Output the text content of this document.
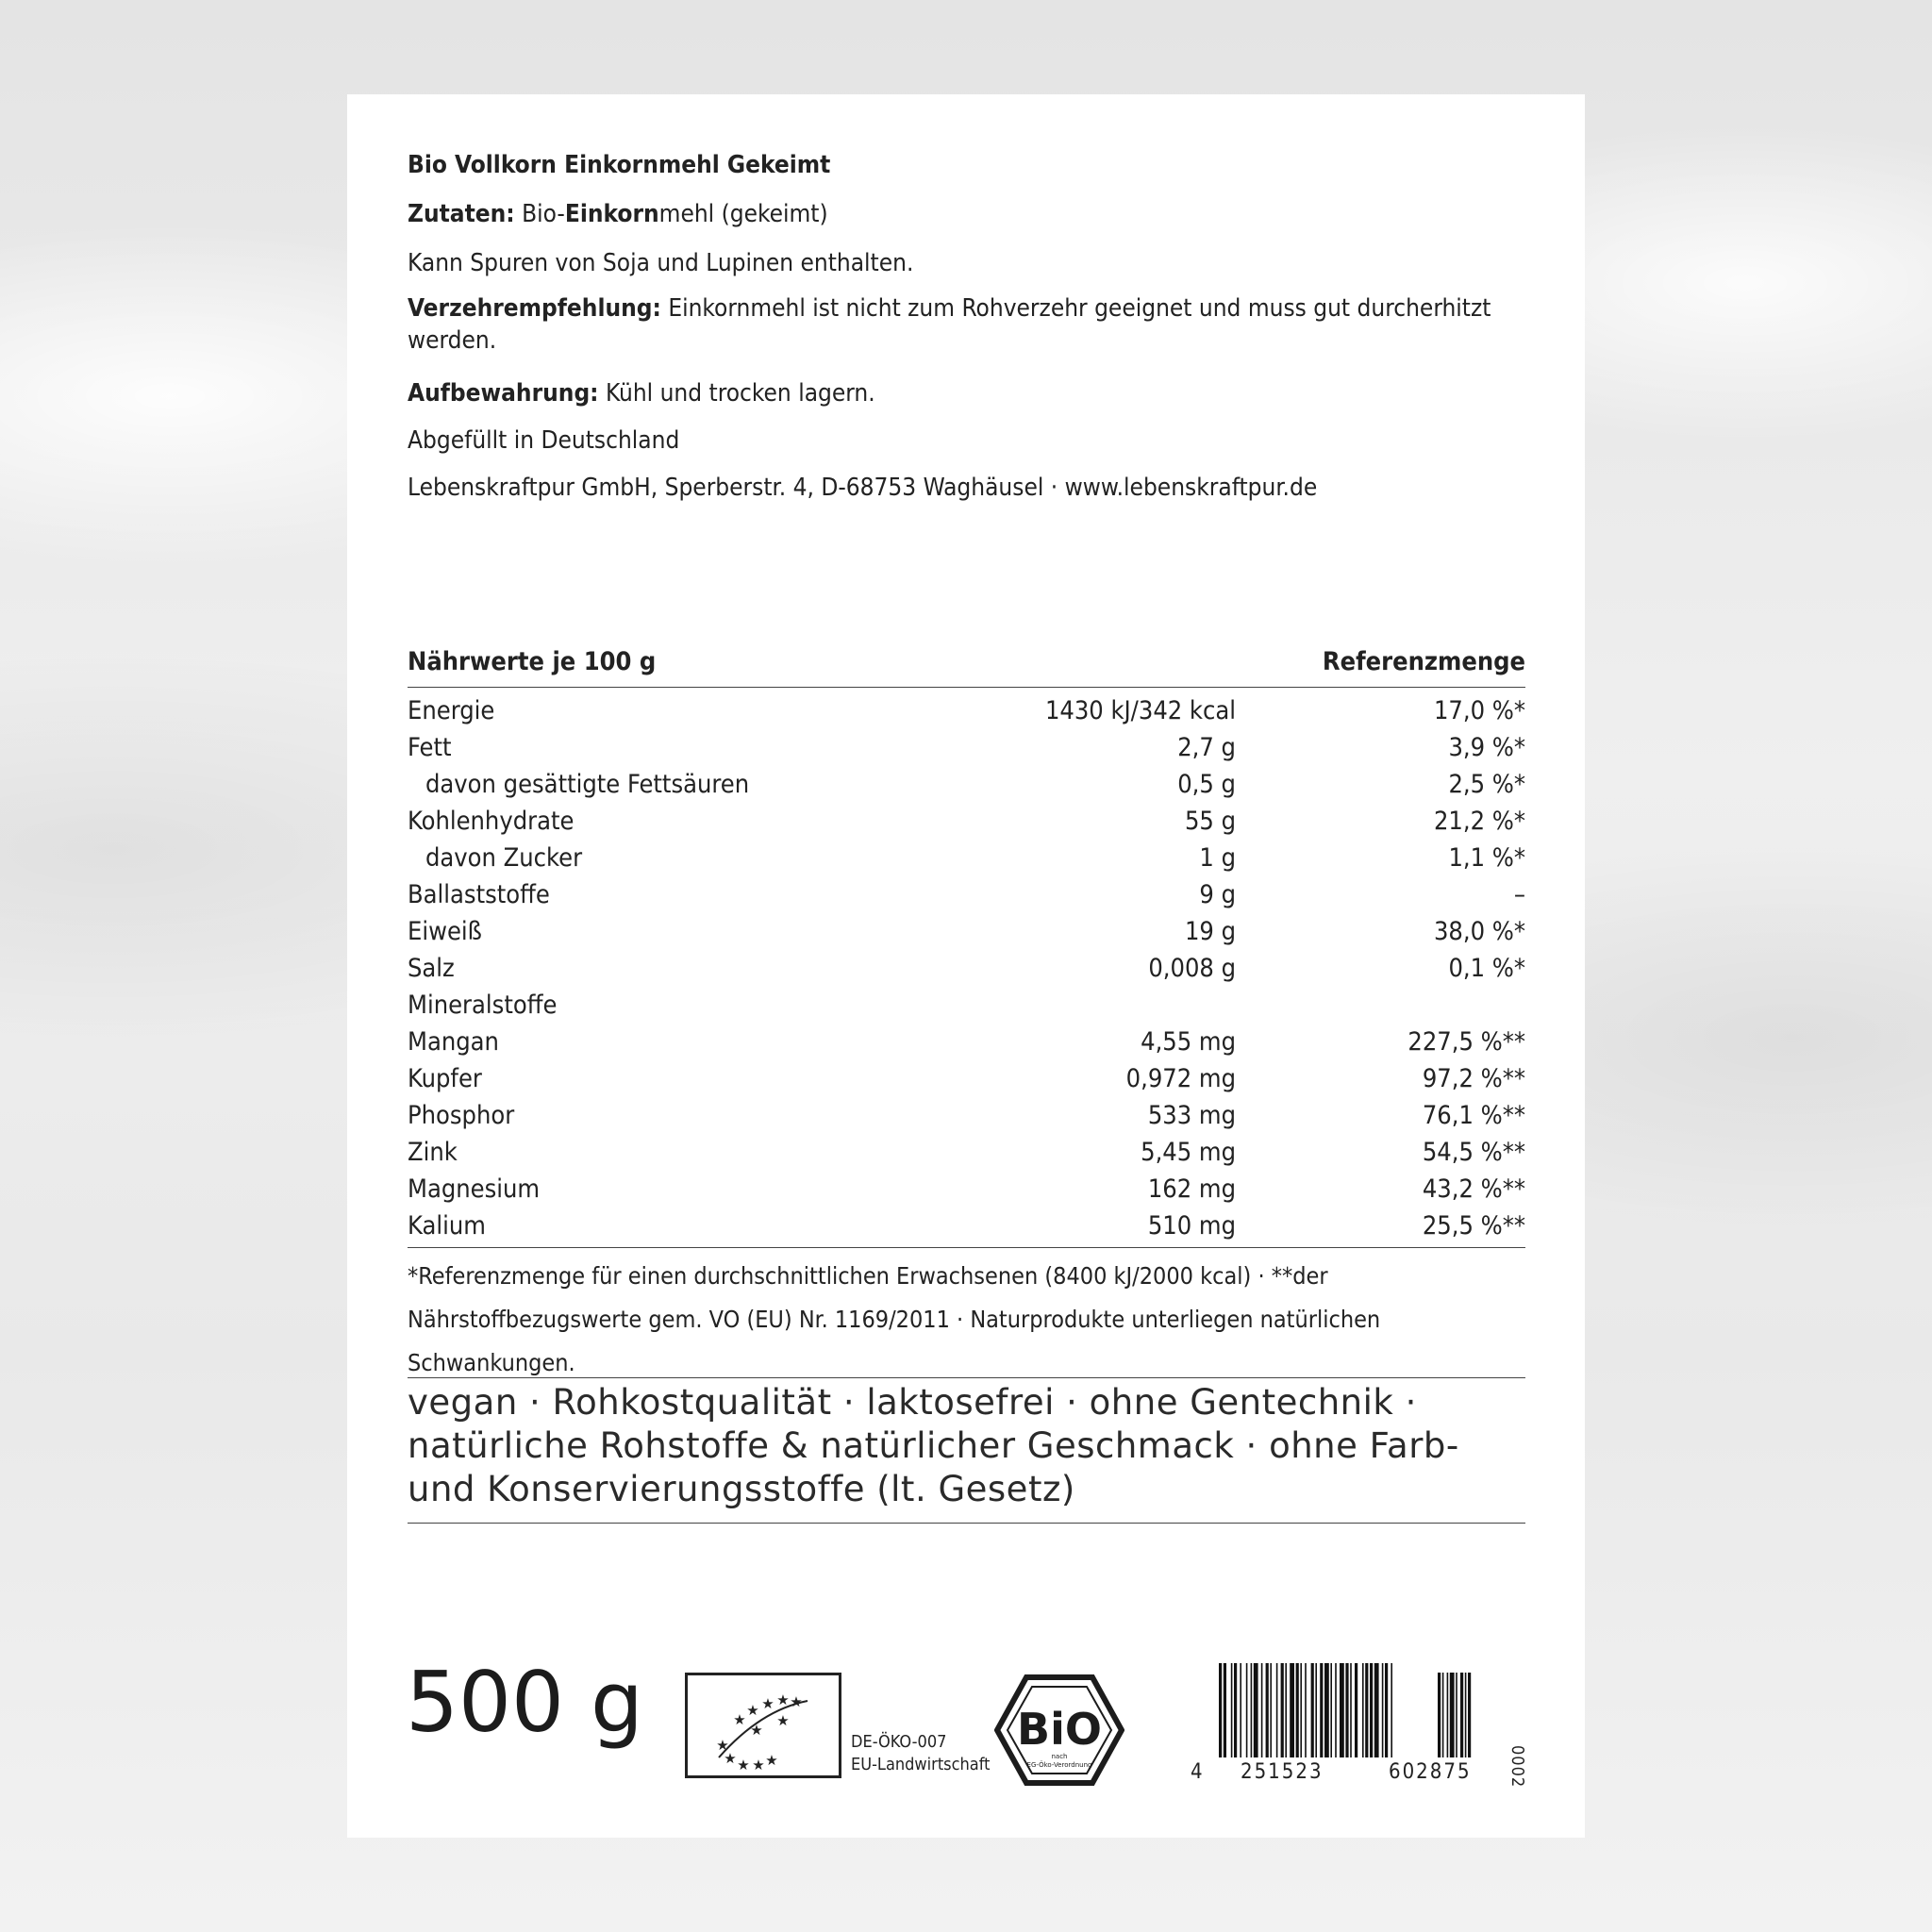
Bio Vollkorn Einkornmehl Gekeimt
Zutaten: Bio-Einkornmehl (gekeimt)
Kann Spuren von Soja und Lupinen enthalten.
Verzehrempfehlung: Einkornmehl ist nicht zum Rohverzehr geeignet und muss gut durcherhitzt werden.
Aufbewahrung: Kühl und trocken lagern.
Abgefüllt in Deutschland
Lebenskraftpur GmbH, Sperberstr. 4, D-68753 Waghäusel · www.lebenskraftpur.de
Nährwerte je 100 g	Referenzmenge
Energie	1430 kJ/342 kcal	17,0 %*
Fett	2,7 g	3,9 %*
davon gesättigte Fettsäuren	0,5 g	2,5 %*
Kohlenhydrate	55 g	21,2 %*
davon Zucker	1 g	1,1 %*
Ballaststoffe	9 g	–
Eiweiß	19 g	38,0 %*
Salz	0,008 g	0,1 %*
Mineralstoffe
Mangan	4,55 mg	227,5 %**
Kupfer	0,972 mg	97,2 %**
Phosphor	533 mg	76,1 %**
Zink	5,45 mg	54,5 %**
Magnesium	162 mg	43,2 %**
Kalium	510 mg	25,5 %**
*Referenzmenge für einen durchschnittlichen Erwachsenen (8400 kJ/2000 kcal) · **der Nährstoffbezugswerte gem. VO (EU) Nr. 1169/2011 · Naturprodukte unterliegen natürlichen Schwankungen.
vegan · Rohkostqualität · laktosefrei · ohne Gentechnik · natürliche Rohstoffe & natürlicher Geschmack · ohne Farb- und Konservierungsstoffe (lt. Gesetz)
500 g	★
★ ★ ★ ★
★
★ ★ ★ ★
★
★
DE-ÖKO-007
EU-Landwirtschaft
BiO
nach
EG-Öko-Verordnung	4 251523	602875 0002
